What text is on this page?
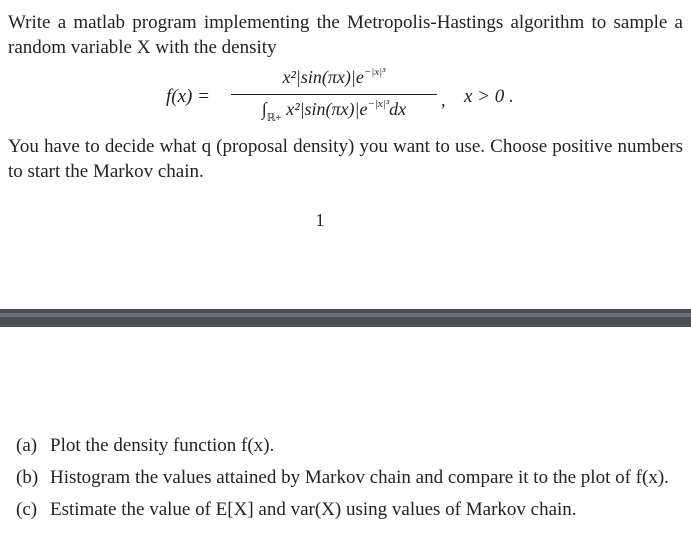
Write a matlab program implementing the Metropolis-Hastings algorithm to sample a random variable X with the density
f(x) =
$x^2|\sin(\pi x)|e^{-|x|^3}$
$\int_{ℝ+}$ $x^2|\sin(\pi x)|e^{-|x|^3}dx$	, x > 0 .
You have to decide what q (proposal density) you want to use. Choose positive numbers to start the Markov chain.
1
(a) Plot the density function f(x).
(b) Histogram the values attained by Markov chain and compare it to the plot of f(x).
(c) Estimate the value of E[X] and var(X) using values of Markov chain.
